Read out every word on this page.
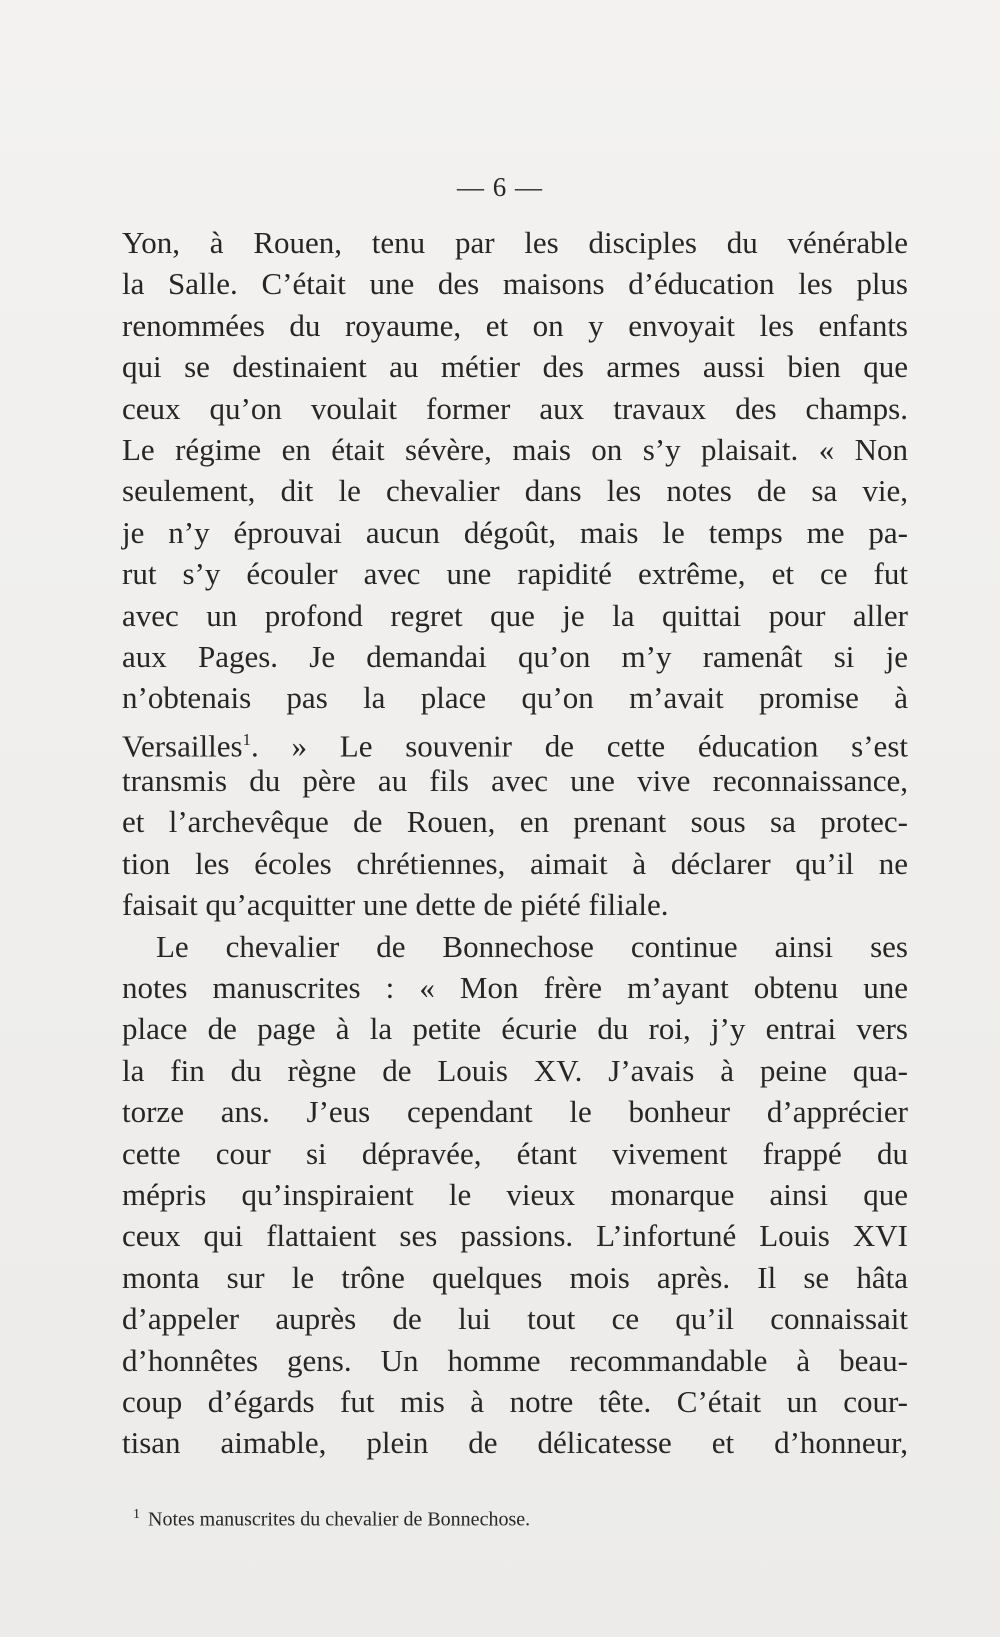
— 6 —
Yon, à Rouen, tenu par les disciples du vénérable
la Salle. C’était une des maisons d’éducation les plus
renommées du royaume, et on y envoyait les enfants
qui se destinaient au métier des armes aussi bien que
ceux qu’on voulait former aux travaux des champs.
Le régime en était sévère, mais on s’y plaisait. « Non
seulement, dit le chevalier dans les notes de sa vie,
je n’y éprouvai aucun dégoût, mais le temps me pa-
rut s’y écouler avec une rapidité extrême, et ce fut
avec un profond regret que je la quittai pour aller
aux Pages. Je demandai qu’on m’y ramenât si je
n’obtenais pas la place qu’on m’avait promise à
Versailles$^1$. » Le souvenir de cette éducation s’est
transmis du père au fils avec une vive reconnaissance,
et l’archevêque de Rouen, en prenant sous sa protec-
tion les écoles chrétiennes, aimait à déclarer qu’il ne
faisait qu’acquitter une dette de piété filiale.
Le chevalier de Bonnechose continue ainsi ses
notes manuscrites : « Mon frère m’ayant obtenu une
place de page à la petite écurie du roi, j’y entrai vers
la fin du règne de Louis XV. J’avais à peine qua-
torze ans. J’eus cependant le bonheur d’apprécier
cette cour si dépravée, étant vivement frappé du
mépris qu’inspiraient le vieux monarque ainsi que
ceux qui flattaient ses passions. L’infortuné Louis XVI
monta sur le trône quelques mois après. Il se hâta
d’appeler auprès de lui tout ce qu’il connaissait
d’honnêtes gens. Un homme recommandable à beau-
coup d’égards fut mis à notre tête. C’était un cour-
tisan aimable, plein de délicatesse et d’honneur,
$^1$ Notes manuscrites du chevalier de Bonnechose.
